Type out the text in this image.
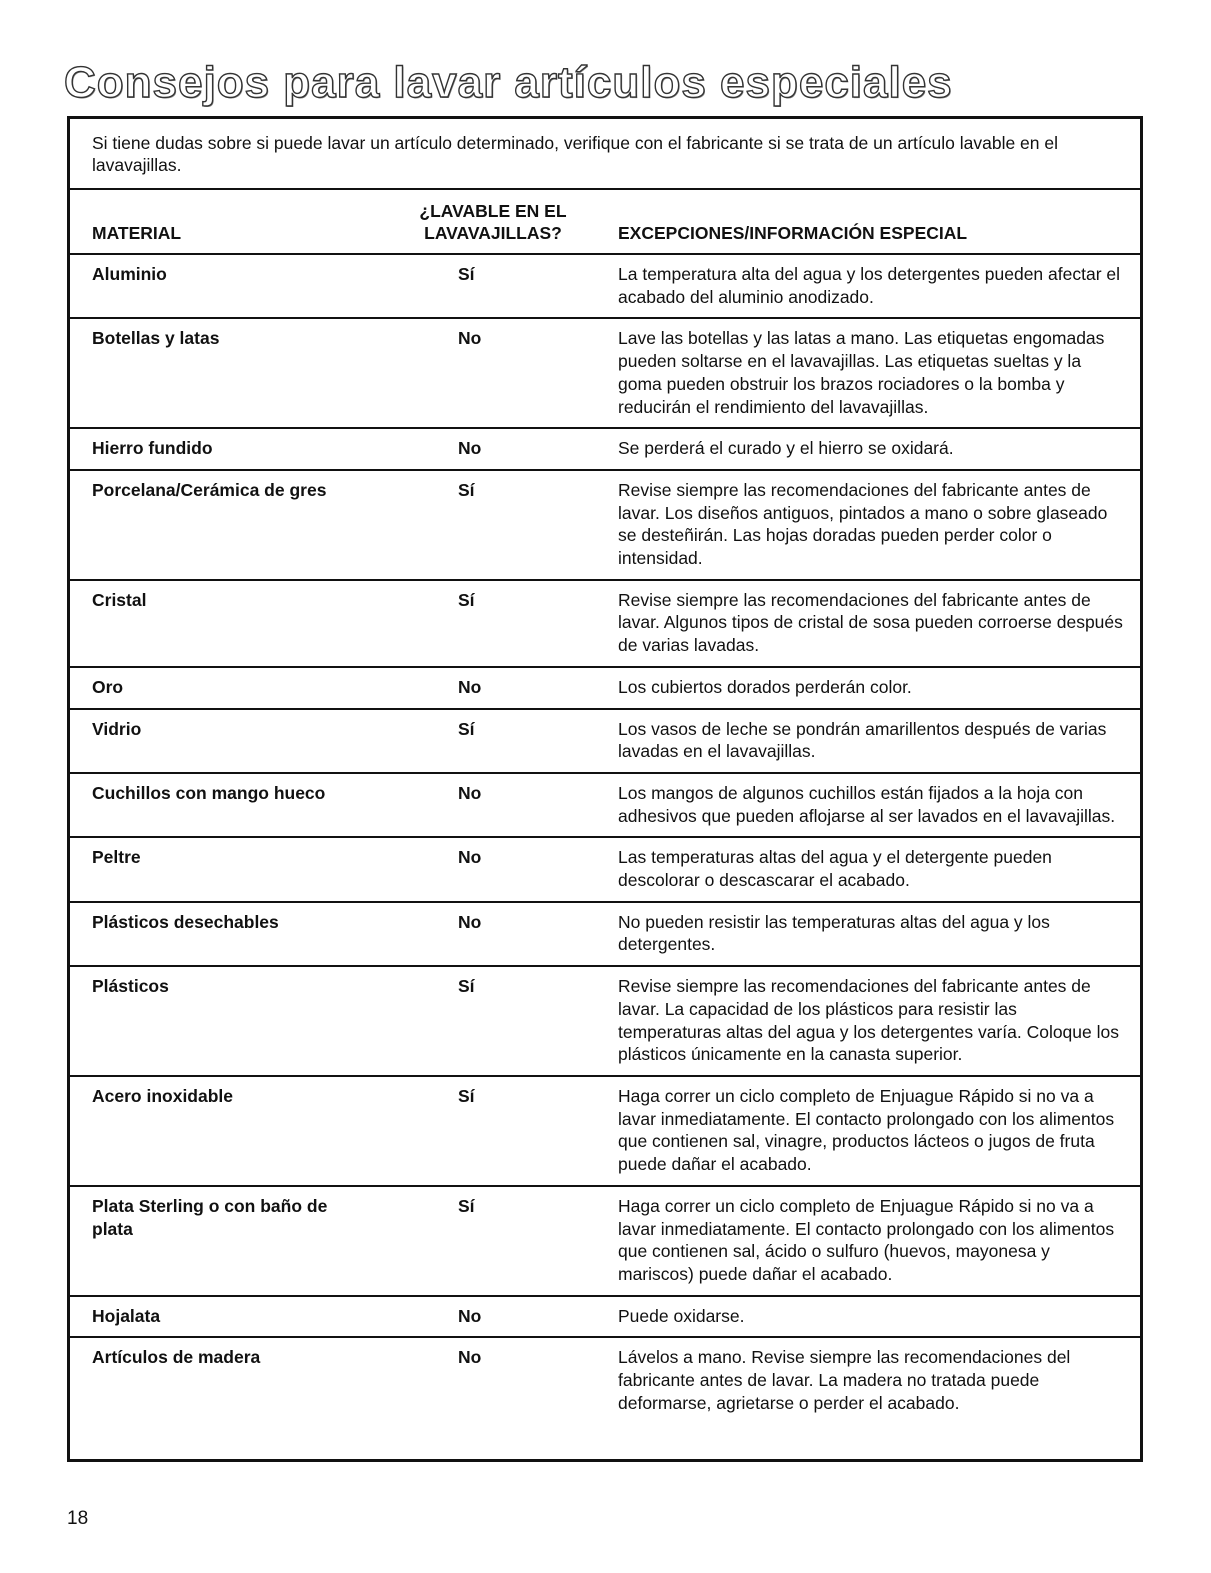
Consejos para lavar artículos especiales
Si tiene dudas sobre si puede lavar un artículo determinado, verifique con el fabricante si se trata de un artículo lavable en el lavavajillas.
MATERIAL	¿LAVABLE EN EL LAVAVAJILLAS?	EXCEPCIONES/INFORMACIÓN ESPECIAL
Aluminio	Sí	La temperatura alta del agua y los detergentes pueden afectar el acabado del aluminio anodizado.
Botellas y latas	No	Lave las botellas y las latas a mano. Las etiquetas engomadas pueden soltarse en el lavavajillas. Las etiquetas sueltas y la goma pueden obstruir los brazos rociadores o la bomba y reducirán el rendimiento del lavavajillas.
Hierro fundido	No	Se perderá el curado y el hierro se oxidará.
Porcelana/Cerámica de gres	Sí	Revise siempre las recomendaciones del fabricante antes de lavar. Los diseños antiguos, pintados a mano o sobre glaseado se desteñirán. Las hojas doradas pueden perder color o intensidad.
Cristal	Sí	Revise siempre las recomendaciones del fabricante antes de lavar. Algunos tipos de cristal de sosa pueden corroerse después de varias lavadas.
Oro	No	Los cubiertos dorados perderán color.
Vidrio	Sí	Los vasos de leche se pondrán amarillentos después de varias lavadas en el lavavajillas.
Cuchillos con mango hueco	No	Los mangos de algunos cuchillos están fijados a la hoja con adhesivos que pueden aflojarse al ser lavados en el lavavajillas.
Peltre	No	Las temperaturas altas del agua y el detergente pueden descolorar o descascarar el acabado.
Plásticos desechables	No	No pueden resistir las temperaturas altas del agua y los detergentes.
Plásticos	Sí	Revise siempre las recomendaciones del fabricante antes de lavar. La capacidad de los plásticos para resistir las temperaturas altas del agua y los detergentes varía. Coloque los plásticos únicamente en la canasta superior.
Acero inoxidable	Sí	Haga correr un ciclo completo de Enjuague Rápido si no va a lavar inmediatamente. El contacto prolongado con los alimentos que contienen sal, vinagre, productos lácteos o jugos de fruta puede dañar el acabado.
Plata Sterling o con baño de plata	Sí	Haga correr un ciclo completo de Enjuague Rápido si no va a lavar inmediatamente. El contacto prolongado con los alimentos que contienen sal, ácido o sulfuro (huevos, mayonesa y mariscos) puede dañar el acabado.
Hojalata	No	Puede oxidarse.
Artículos de madera	No	Lávelos a mano. Revise siempre las recomendaciones del fabricante antes de lavar. La madera no tratada puede deformarse, agrietarse o perder el acabado.
18
